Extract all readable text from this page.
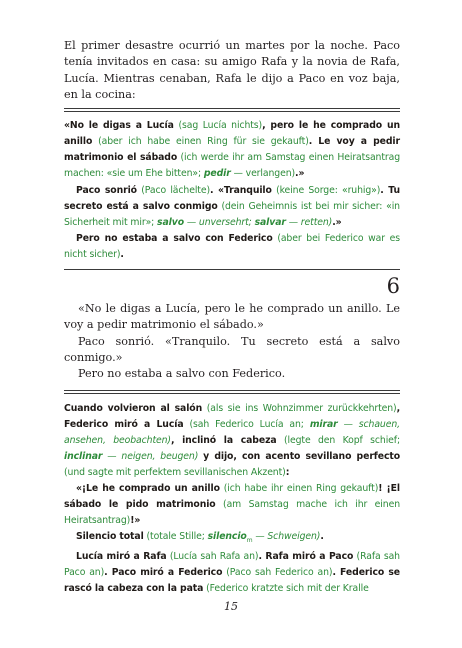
El primer desastre ocurrió un martes por la noche. Paco tenía invitados en casa: su amigo Rafa y la novia de Rafa, Lucía. Mientras cenaban, Rafa le dijo a Paco en voz baja, en la cocina:

«No le digas a Lucía (sag Lucía nichts), pero le he comprado un anillo (aber ich habe einen Ring für sie gekauft). Le voy a pedir matrimonio el sábado (ich werde ihr am Samstag einen Heiratsantrag machen: «sie um Ehe bitten»; pedir — verlangen).»

Paco sonrió (Paco lächelte). «Tranquilo (keine Sorge: «ruhig»). Tu secreto está a salvo conmigo (dein Geheimnis ist bei mir sicher: «in Sicherheit mit mir»; salvo — unversehrt; salvar — retten).»

Pero no estaba a salvo con Federico (aber bei Federico war es nicht sicher).

6

«No le digas a Lucía, pero le he comprado un anillo. Le voy a pedir matrimonio el sábado.»

Paco sonrió. «Tranquilo. Tu secreto está a salvo conmigo.»

Pero no estaba a salvo con Federico.

Cuando volvieron al salón (als sie ins Wohnzimmer zurückkehrten), Federico miró a Lucía (sah Federico Lucía an; mirar — schauen, ansehen, beobachten), inclinó la cabeza (legte den Kopf schief; inclinar — neigen, beugen) y dijo, con acento sevillano perfecto (und sagte mit perfektem sevillanischen Akzent):

«¡Le he comprado un anillo (ich habe ihr einen Ring gekauft)! ¡El sábado le pido matrimonio (am Samstag mache ich ihr einen Heiratsantrag)!»

Silencio total (totale Stille; silencio$_m$ — Schweigen).

Lucía miró a Rafa (Lucía sah Rafa an). Rafa miró a Paco (Rafa sah Paco an). Paco miró a Federico (Paco sah Federico an). Federico se rascó la cabeza con la pata (Federico kratzte sich mit der Kralle

15
